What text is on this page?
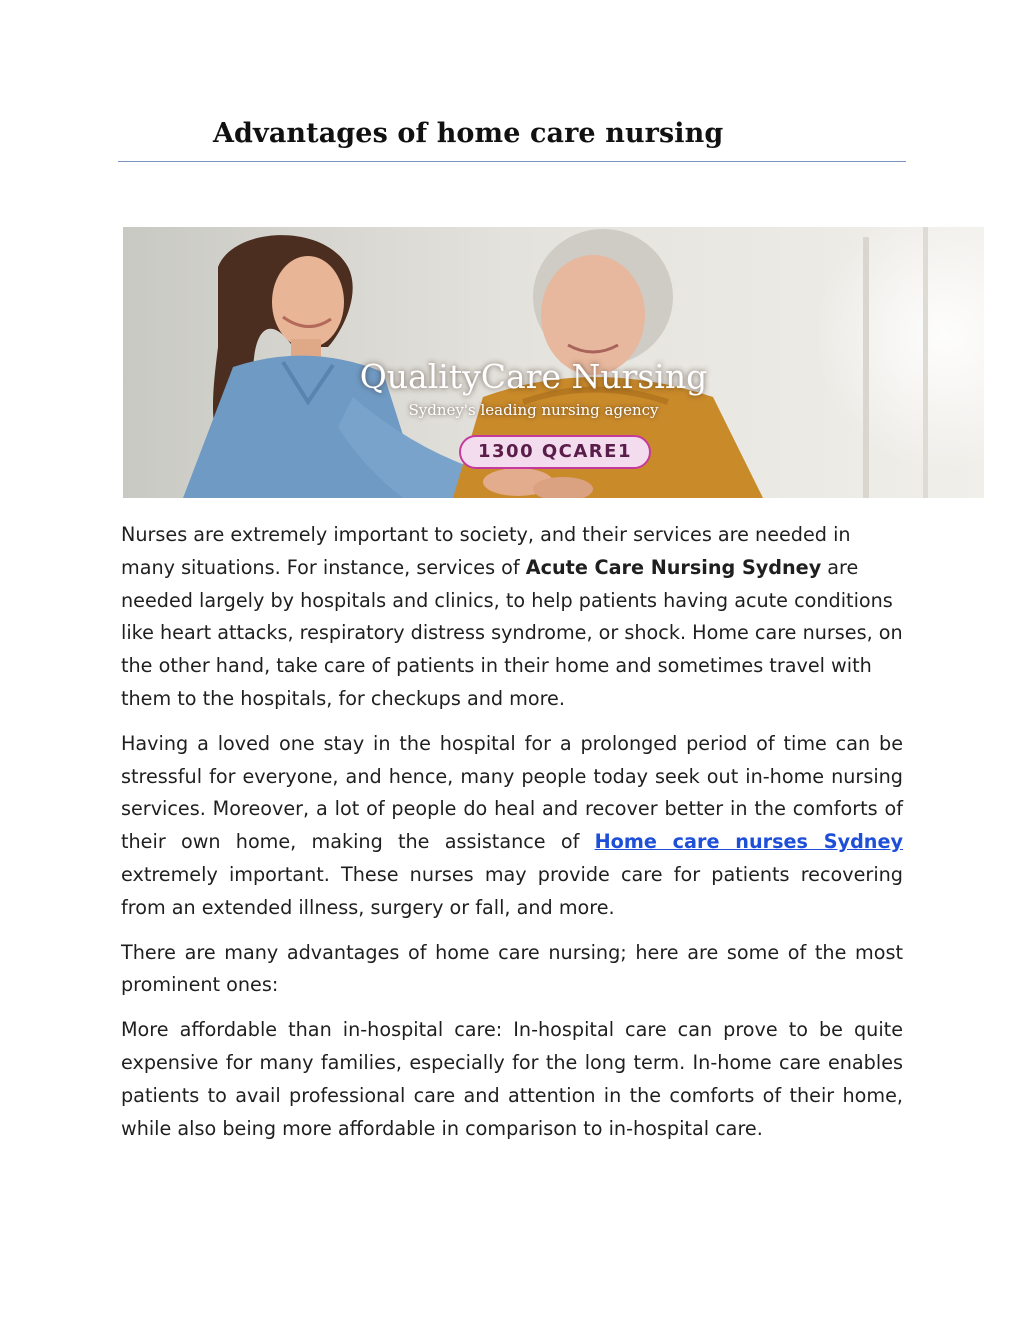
Advantages of home care nursing
QualityCare Nursing
Sydney's leading nursing agency
1300 QCARE1

Nurses are extremely important to society, and their services are needed in many situations. For instance, services of Acute Care Nursing Sydney are needed largely by hospitals and clinics, to help patients having acute conditions like heart attacks, respiratory distress syndrome, or shock. Home care nurses, on the other hand, take care of patients in their home and sometimes travel with them to the hospitals, for checkups and more.

Having a loved one stay in the hospital for a prolonged period of time can be stressful for everyone, and hence, many people today seek out in-home nursing services. Moreover, a lot of people do heal and recover better in the comforts of their own home, making the assistance of Home care nurses Sydney extremely important. These nurses may provide care for patients recovering from an extended illness, surgery or fall, and more.

There are many advantages of home care nursing; here are some of the most prominent ones:

More affordable than in-hospital care: In-hospital care can prove to be quite expensive for many families, especially for the long term. In-home care enables patients to avail professional care and attention in the comforts of their home, while also being more affordable in comparison to in-hospital care.
